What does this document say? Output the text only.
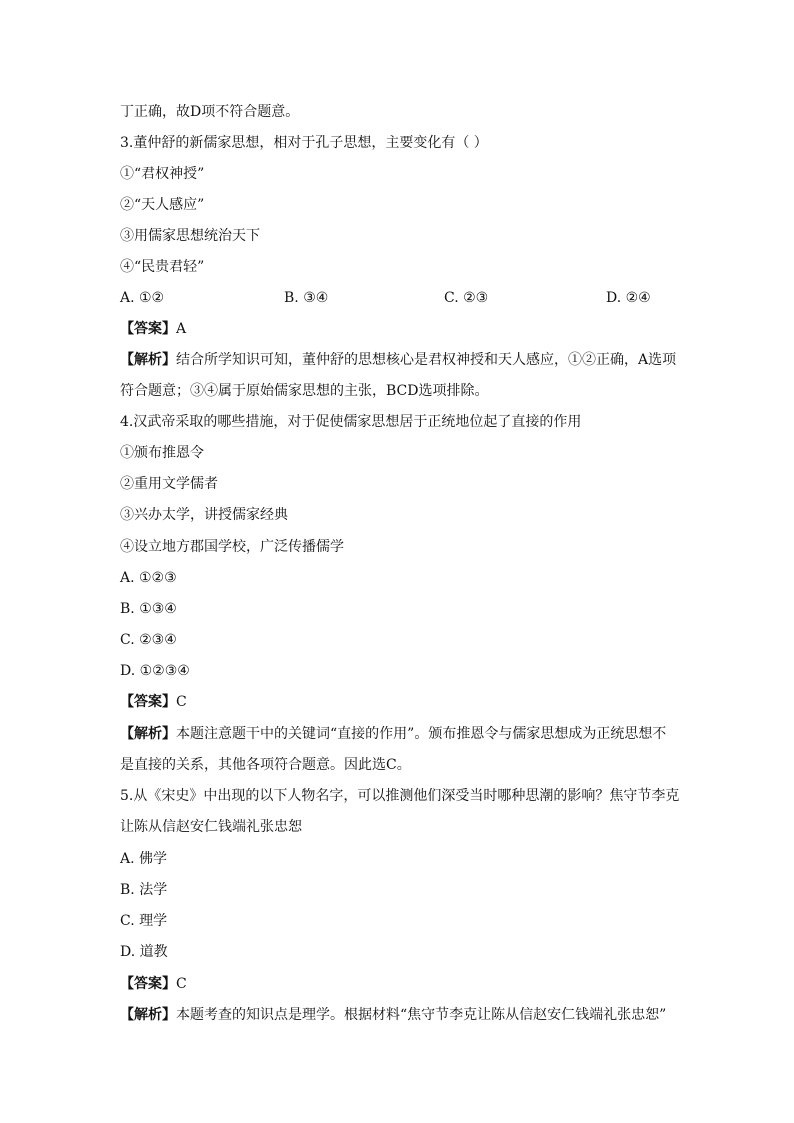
丁正确，故D项不符合题意。

3.董仲舒的新儒家思想，相对于孔子思想，主要变化有（ ）

①“君权神授”

②“天人感应”

③用儒家思想统治天下

④“民贵君轻”

A. ①②	B. ③④	C. ②③	D. ②④

【答案】A

【解析】结合所学知识可知，董仲舒的思想核心是君权神授和天人感应，①②正确，A选项

符合题意；③④属于原始儒家思想的主张，BCD选项排除。

4.汉武帝采取的哪些措施，对于促使儒家思想居于正统地位起了直接的作用

①颁布推恩令

②重用文学儒者

③兴办太学，讲授儒家经典

④设立地方郡国学校，广泛传播儒学

A. ①②③

B. ①③④

C. ②③④

D. ①②③④

【答案】C

【解析】本题注意题干中的关键词“直接的作用”。颁布推恩令与儒家思想成为正统思想不

是直接的关系，其他各项符合题意。因此选C。

5.从《宋史》中出现的以下人物名字，可以推测他们深受当时哪种思潮的影响？焦守节李克

让陈从信赵安仁钱端礼张忠恕

A. 佛学

B. 法学

C. 理学

D. 道教

【答案】C

【解析】本题考查的知识点是理学。根据材料“焦守节李克让陈从信赵安仁钱端礼张忠恕”
